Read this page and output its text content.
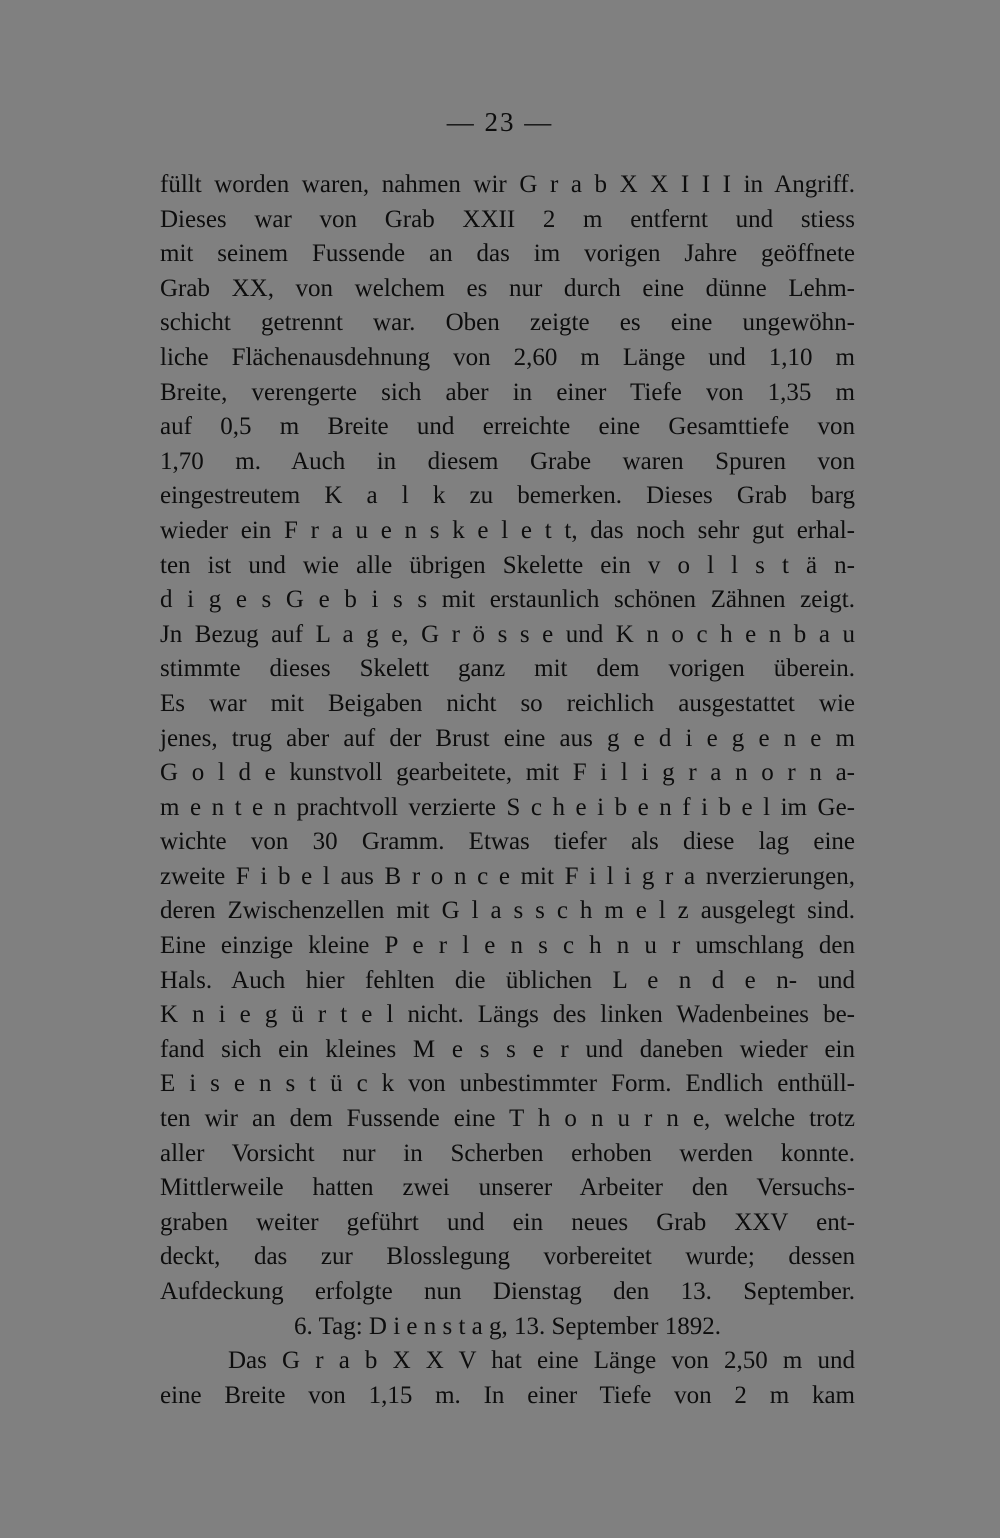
— 23 —
füllt worden waren, nahmen wir G r a b X X I I I in Angriff.
Dieses war von Grab XXII 2 m entfernt und stiess
mit seinem Fussende an das im vorigen Jahre geöffnete
Grab XX, von welchem es nur durch eine dünne Lehm-
schicht getrennt war. Oben zeigte es eine ungewöhn-
liche Flächenausdehnung von 2,60 m Länge und 1,10 m
Breite, verengerte sich aber in einer Tiefe von 1,35 m
auf 0,5 m Breite und erreichte eine Gesamttiefe von
1,70 m. Auch in diesem Grabe waren Spuren von
eingestreutem K a l k zu bemerken. Dieses Grab barg
wieder ein F r a u e n s k e l e t t, das noch sehr gut erhal-
ten ist und wie alle übrigen Skelette ein v o l l s t ä n-
d i g e s G e b i s s mit erstaunlich schönen Zähnen zeigt.
Jn Bezug auf L a g e, G r ö s s e und K n o c h e n b a u
stimmte dieses Skelett ganz mit dem vorigen überein.
Es war mit Beigaben nicht so reichlich ausgestattet wie
jenes, trug aber auf der Brust eine aus g e d i e g e n e m
G o l d e kunstvoll gearbeitete, mit F i l i g r a n o r n a-
m e n t e n prachtvoll verzierte S c h e i b e n f i b e l im Ge-
wichte von 30 Gramm. Etwas tiefer als diese lag eine
zweite F i b e l aus B r o n c e mit F i l i g r a nverzierungen,
deren Zwischenzellen mit G l a s s c h m e l z ausgelegt sind.
Eine einzige kleine P e r l e n s c h n u r umschlang den
Hals. Auch hier fehlten die üblichen L e n d e n- und
K n i e g ü r t e l nicht. Längs des linken Wadenbeines be-
fand sich ein kleines M e s s e r und daneben wieder ein
E i s e n s t ü c k von unbestimmter Form. Endlich enthüll-
ten wir an dem Fussende eine T h o n u r n e, welche trotz
aller Vorsicht nur in Scherben erhoben werden konnte.
Mittlerweile hatten zwei unserer Arbeiter den Versuchs-
graben weiter geführt und ein neues Grab XXV ent-
deckt, das zur Blosslegung vorbereitet wurde; dessen
Aufdeckung erfolgte nun Dienstag den 13. September.
6. Tag: D i e n s t a g, 13. September 1892.
Das G r a b X X V hat eine Länge von 2,50 m und
eine Breite von 1,15 m. In einer Tiefe von 2 m kam
